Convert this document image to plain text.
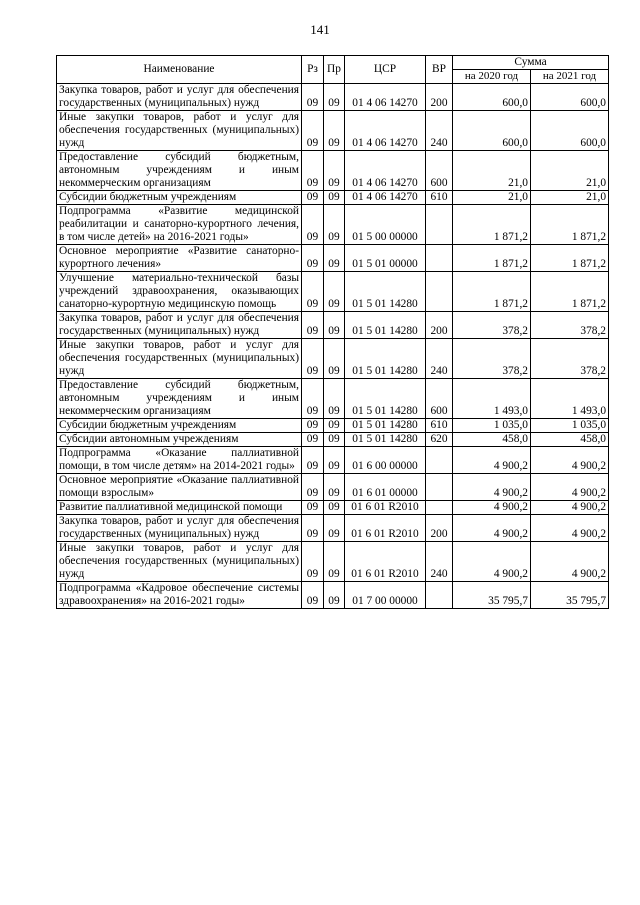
141
Наименование	Рз	Пр	ЦСР	ВР	Сумма	
					на 2020 год	на 2021 год
Закупка товаров, работ и услуг для обеспечения государственных (муниципальных) нужд	09	09	01 4 06 14270	200	600,0	600,0
Иные закупки товаров, работ и услуг для обеспечения государственных (муниципальных) нужд	09	09	01 4 06 14270	240	600,0	600,0
Предоставление субсидий бюджетным, автономным учреждениям и иным некоммерческим организациям	09	09	01 4 06 14270	600	21,0	21,0
Субсидии бюджетным учреждениям	09	09	01 4 06 14270	610	21,0	21,0
Подпрограмма «Развитие медицинской реабилитации и санаторно-курортного лечения, в том числе детей» на 2016-2021 годы»	09	09	01 5 00 00000		1 871,2	1 871,2
Основное мероприятие «Развитие санаторно-курортного лечения»	09	09	01 5 01 00000		1 871,2	1 871,2
Улучшение материально-технической базы учреждений здравоохранения, оказывающих санаторно-курортную медицинскую помощь	09	09	01 5 01 14280		1 871,2	1 871,2
Закупка товаров, работ и услуг для обеспечения государственных (муниципальных) нужд	09	09	01 5 01 14280	200	378,2	378,2
Иные закупки товаров, работ и услуг для обеспечения государственных (муниципальных) нужд	09	09	01 5 01 14280	240	378,2	378,2
Предоставление субсидий бюджетным, автономным учреждениям и иным некоммерческим организациям	09	09	01 5 01 14280	600	1 493,0	1 493,0
Субсидии бюджетным учреждениям	09	09	01 5 01 14280	610	1 035,0	1 035,0
Субсидии автономным учреждениям	09	09	01 5 01 14280	620	458,0	458,0
Подпрограмма «Оказание паллиативной помощи, в том числе детям» на 2014-2021 годы»	09	09	01 6 00 00000		4 900,2	4 900,2
Основное мероприятие «Оказание паллиативной помощи взрослым»	09	09	01 6 01 00000		4 900,2	4 900,2
Развитие паллиативной медицинской помощи	09	09	01 6 01 R2010		4 900,2	4 900,2
Закупка товаров, работ и услуг для обеспечения государственных (муниципальных) нужд	09	09	01 6 01 R2010	200	4 900,2	4 900,2
Иные закупки товаров, работ и услуг для обеспечения государственных (муниципальных) нужд	09	09	01 6 01 R2010	240	4 900,2	4 900,2
Подпрограмма «Кадровое обеспечение системы здравоохранения» на 2016-2021 годы»	09	09	01 7 00 00000		35 795,7	35 795,7
